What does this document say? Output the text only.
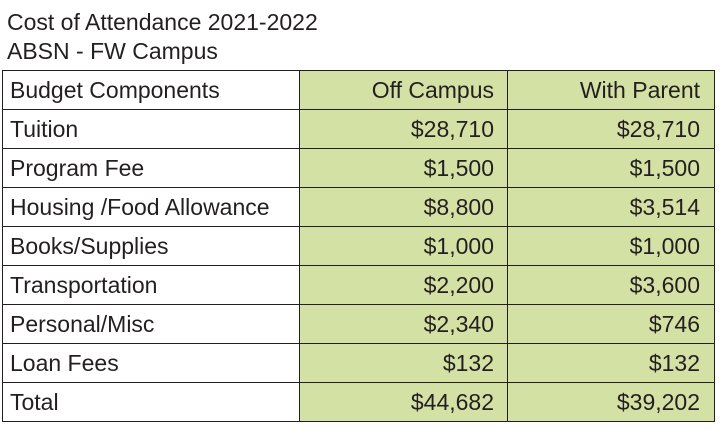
Cost of Attendance 2021-2022
ABSN - FW Campus
Budget Components	Off Campus	With Parent
Tuition	$28,710	$28,710
Program Fee	$1,500	$1,500
Housing /Food Allowance	$8,800	$3,514
Books/Supplies	$1,000	$1,000
Transportation	$2,200	$3,600
Personal/Misc	$2,340	$746
Loan Fees	$132	$132
Total	$44,682	$39,202
